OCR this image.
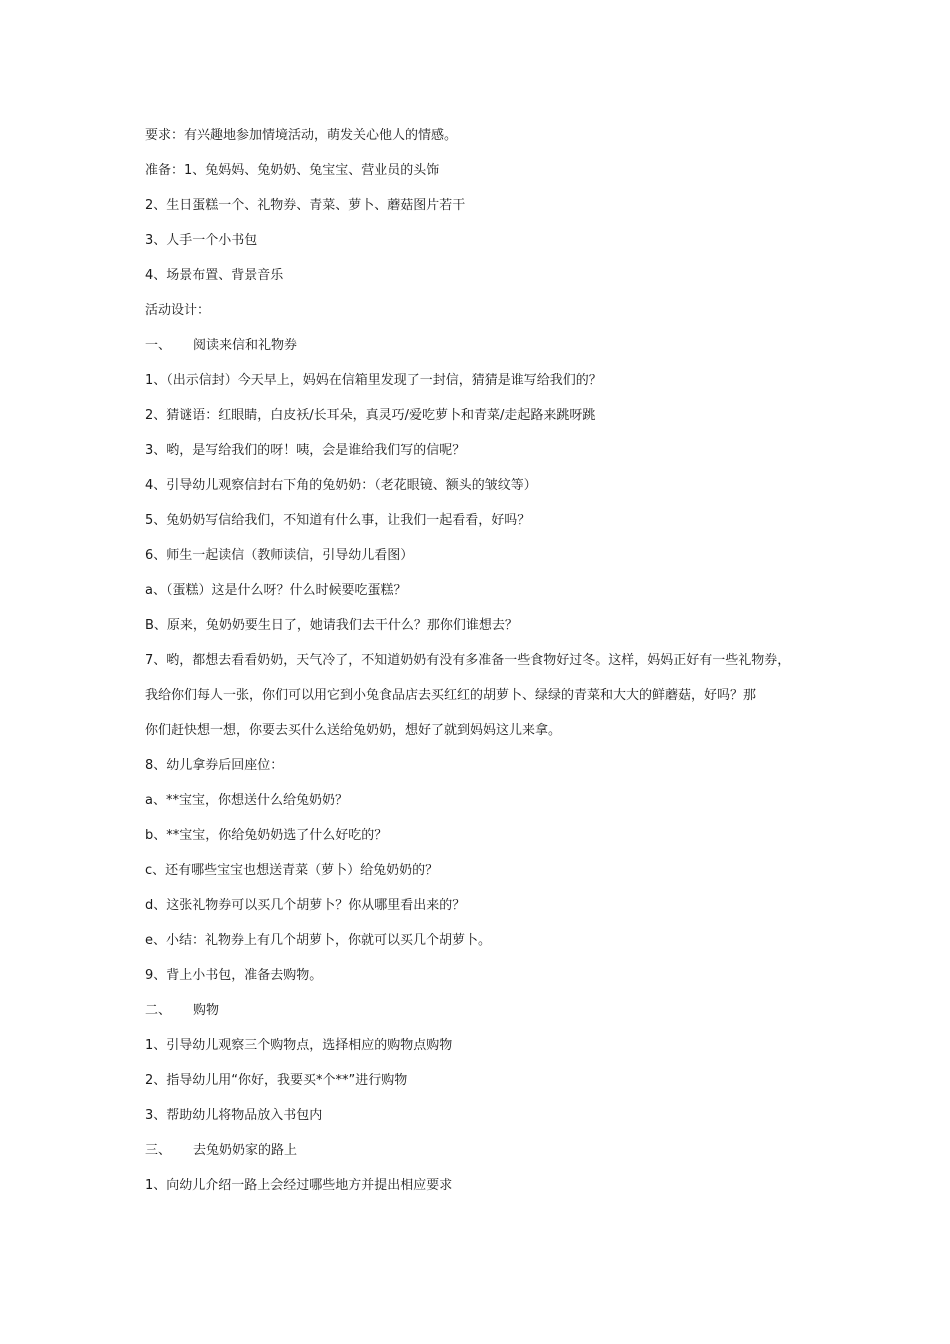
要求：有兴趣地参加情境活动，萌发关心他人的情感。
准备：1、兔妈妈、兔奶奶、兔宝宝、营业员的头饰
2、生日蛋糕一个、礼物券、青菜、萝卜、蘑菇图片若干
3、人手一个小书包
4、场景布置、背景音乐
活动设计：
一、 阅读来信和礼物券
1、（出示信封）今天早上，妈妈在信箱里发现了一封信，猜猜是谁写给我们的？
2、猜谜语：红眼睛，白皮袄/长耳朵，真灵巧/爱吃萝卜和青菜/走起路来跳呀跳
3、哟，是写给我们的呀！咦，会是谁给我们写的信呢？
4、引导幼儿观察信封右下角的兔奶奶：（老花眼镜、额头的皱纹等）
5、兔奶奶写信给我们，不知道有什么事，让我们一起看看，好吗？
6、师生一起读信（教师读信，引导幼儿看图）
a、（蛋糕）这是什么呀？什么时候要吃蛋糕？
B、原来，兔奶奶要生日了，她请我们去干什么？那你们谁想去？
7、哟，都想去看看奶奶，天气冷了，不知道奶奶有没有多准备一些食物好过冬。这样，妈妈正好有一些礼物券，
我给你们每人一张，你们可以用它到小兔食品店去买红红的胡萝卜、绿绿的青菜和大大的鲜蘑菇，好吗？那
你们赶快想一想，你要去买什么送给兔奶奶，想好了就到妈妈这儿来拿。
8、幼儿拿券后回座位：
a、**宝宝，你想送什么给兔奶奶？
b、**宝宝，你给兔奶奶选了什么好吃的？
c、还有哪些宝宝也想送青菜（萝卜）给兔奶奶的？
d、这张礼物券可以买几个胡萝卜？你从哪里看出来的？
e、小结：礼物券上有几个胡萝卜，你就可以买几个胡萝卜。
9、背上小书包，准备去购物。
二、 购物
1、引导幼儿观察三个购物点，选择相应的购物点购物
2、指导幼儿用“你好，我要买*个**”进行购物
3、帮助幼儿将物品放入书包内
三、 去兔奶奶家的路上
1、向幼儿介绍一路上会经过哪些地方并提出相应要求
